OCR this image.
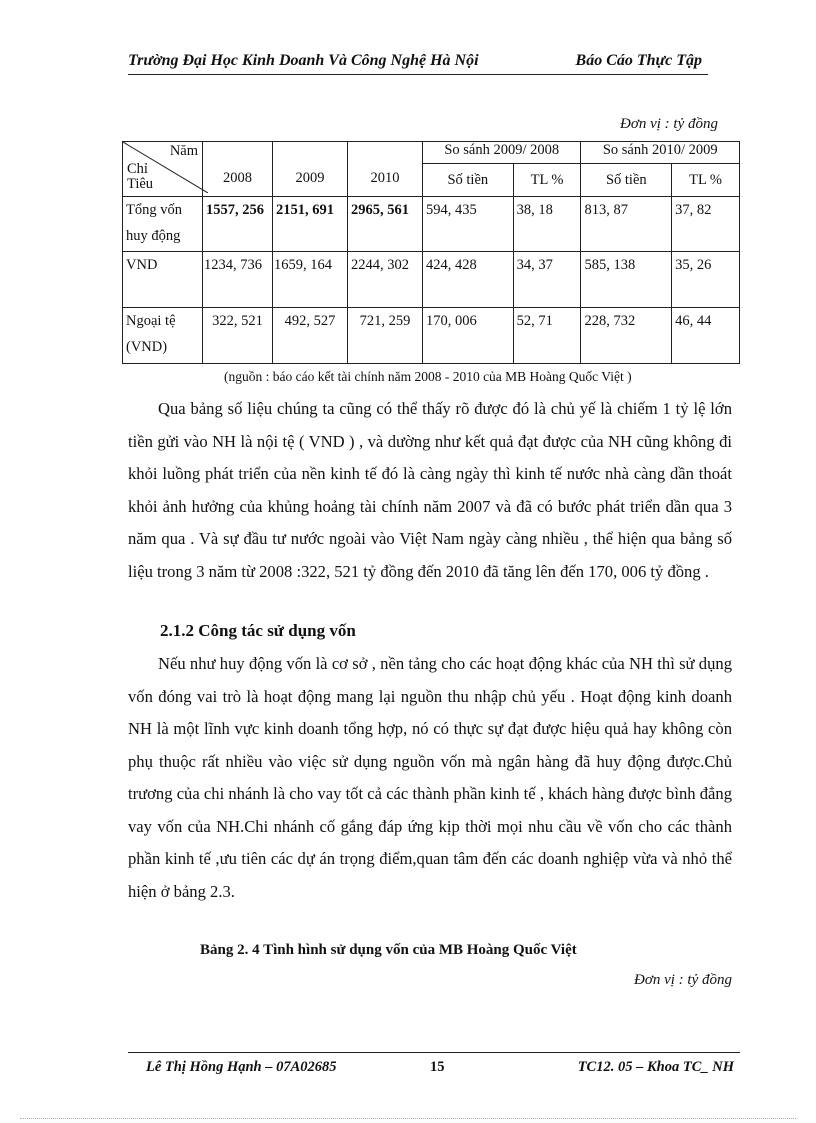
Trường Đại Học Kinh Doanh Và Công Nghệ Hà Nội	Báo Cáo Thực Tập
Đơn vị : tỷ đồng
Năm
Chỉ
Tiêu	2008	2009	2010	So sánh 2009/ 2008		So sánh 2010/ 2009	
				Số tiền	TL %	Số tiền	TL %
Tổng vốn huy động	1557, 256	2151, 691	2965, 561	594, 435	38, 18	813, 87	37, 82
VND	1234, 736	1659, 164	2244, 302	424, 428	34, 37	585, 138	35, 26
Ngoại tệ (VND)	322, 521	492, 527	721, 259	170, 006	52, 71	228, 732	46, 44
(nguồn : báo cáo kết tài chính năm 2008 - 2010 của MB Hoàng Quốc Việt )

Qua bảng số liệu chúng ta cũng có thể thấy rõ được đó là chủ yế là chiếm 1 tỷ lệ lớn tiền gửi vào NH là nội tệ ( VND ) , và dường như kết quả đạt được của NH cũng không đi khỏi luồng phát triển của nền kinh tế đó là càng ngày thì kinh tế nước nhà càng dần thoát khỏi ảnh hưởng của khủng hoảng tài chính năm 2007 và đã có bước phát triển dần qua 3 năm qua . Và sự đầu tư nước ngoài vào Việt Nam ngày càng nhiều , thể hiện qua bảng số liệu trong 3 năm từ 2008 :322, 521 tỷ đồng đến 2010 đã tăng lên đến 170, 006 tỷ đồng .

2.1.2 Công tác sử dụng vốn

Nếu như huy động vốn là cơ sở , nền tảng cho các hoạt động khác của NH thì sử dụng vốn đóng vai trò là hoạt động mang lại nguồn thu nhập chủ yếu . Hoạt động kinh doanh NH là một lĩnh vực kinh doanh tổng hợp, nó có thực sự đạt được hiệu quả hay không còn phụ thuộc rất nhiều vào việc sử dụng nguồn vốn mà ngân hàng đã huy động được.Chủ trương của chi nhánh là cho vay tốt cả các thành phần kinh tế , khách hàng được bình đẳng vay vốn của NH.Chi nhánh cố gắng đáp ứng kịp thời mọi nhu cầu về vốn cho các thành phần kinh tế ,ưu tiên các dự án trọng điểm,quan tâm đến các doanh nghiệp vừa và nhỏ thể hiện ở bảng 2.3.

Bảng 2. 4 Tình hình sử dụng vốn của MB Hoàng Quốc Việt
Đơn vị : tỷ đồng
Lê Thị Hồng Hạnh – 07A02685	15	TC12. 05 – Khoa TC_ NH
